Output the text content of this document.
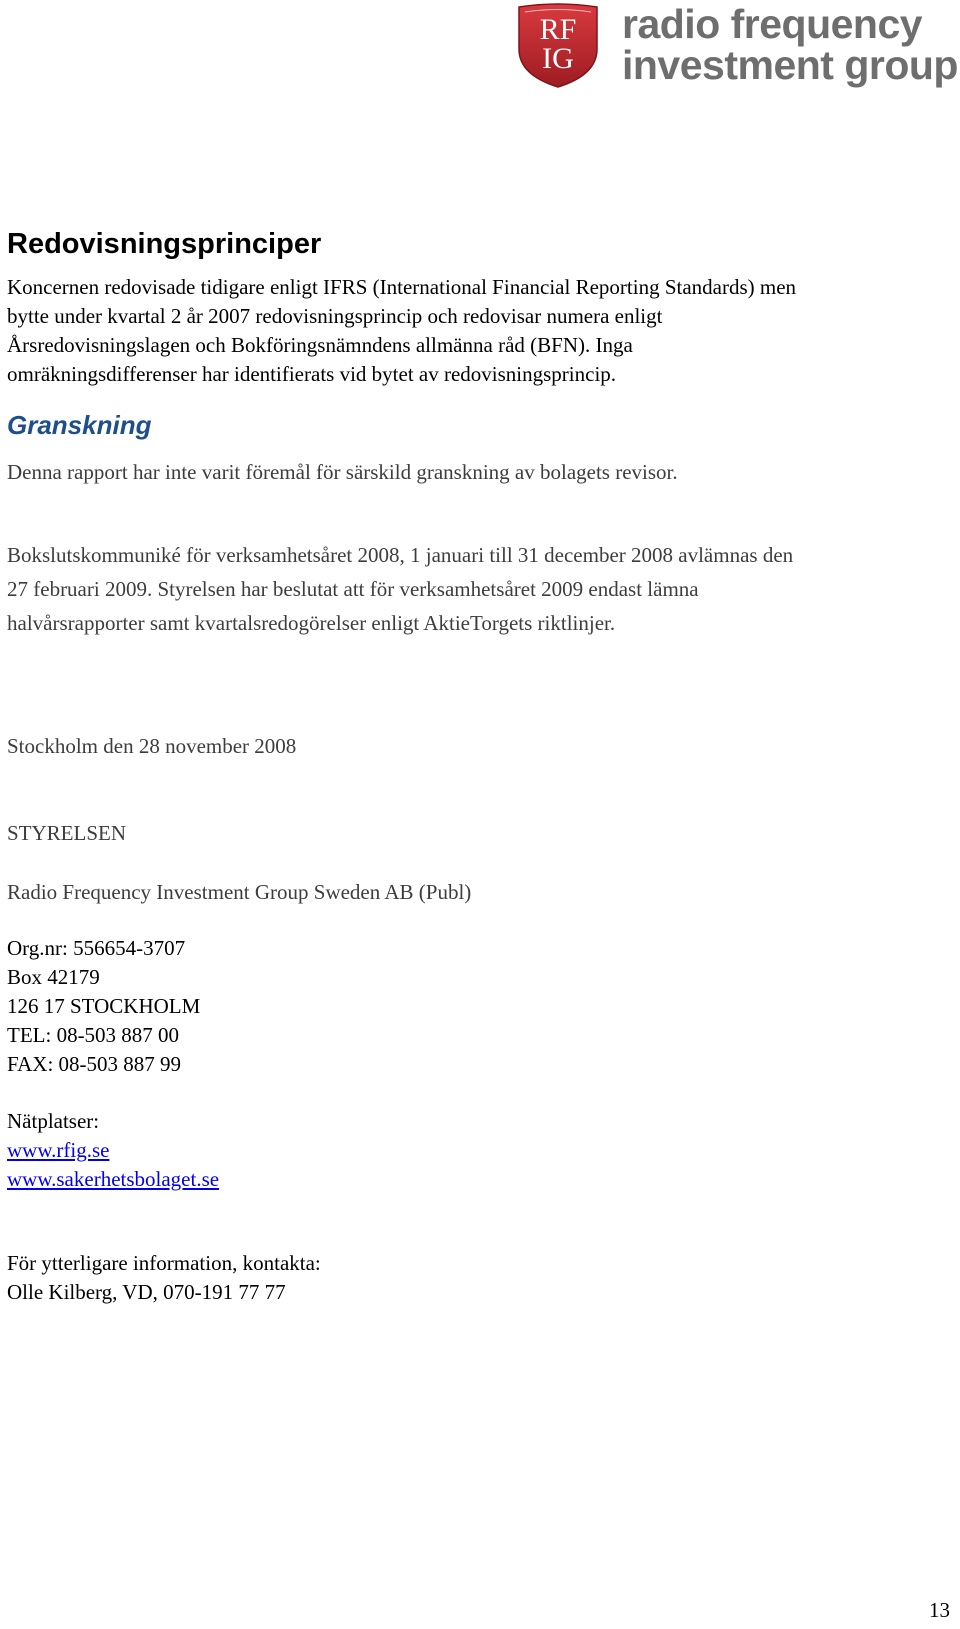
RF
IG
radio frequency
investment group
Redovisningsprinciper
Koncernen redovisade tidigare enligt IFRS (International Financial Reporting Standards) men
bytte under kvartal 2 år 2007 redovisningsprincip och redovisar numera enligt
Årsredovisningslagen och Bokföringsnämndens allmänna råd (BFN). Inga
omräkningsdifferenser har identifierats vid bytet av redovisningsprincip.
Granskning
Denna rapport har inte varit föremål för särskild granskning av bolagets revisor.
Bokslutskommuniké för verksamhetsåret 2008, 1 januari till 31 december 2008 avlämnas den
27 februari 2009. Styrelsen har beslutat att för verksamhetsåret 2009 endast lämna
halvårsrapporter samt kvartalsredogörelser enligt AktieTorgets riktlinjer.
Stockholm den 28 november 2008
STYRELSEN
Radio Frequency Investment Group Sweden AB (Publ)
Org.nr: 556654-3707
Box 42179
126 17 STOCKHOLM
TEL: 08-503 887 00
FAX: 08-503 887 99
Nätplatser:
www.rfig.se
www.sakerhetsbolaget.se
För ytterligare information, kontakta:
Olle Kilberg, VD, 070-191 77 77
13
